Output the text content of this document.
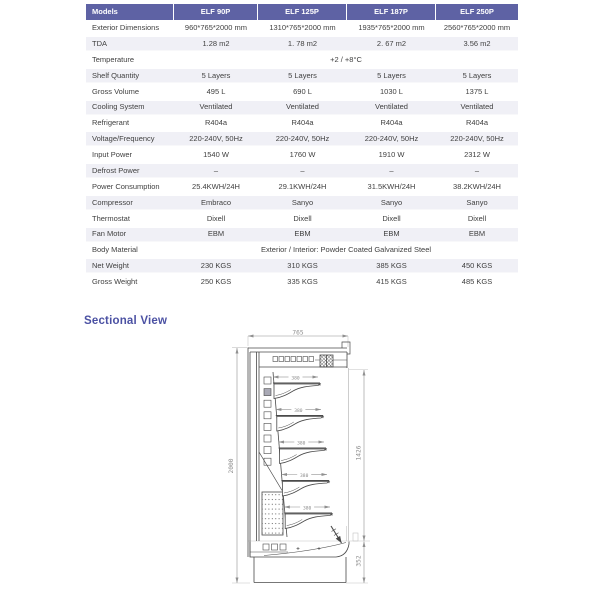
Models	ELF 90P	ELF 125P	ELF 187P	ELF 250P
Exterior Dimensions	960*765*2000 mm	1310*765*2000 mm	1935*765*2000 mm	2560*765*2000 mm
TDA	1.28 m2	1. 78 m2	2. 67 m2	3.56 m2
Temperature	+2 / +8°C
Shelf Quantity	5 Layers	5 Layers	5 Layers	5 Layers
Gross Volume	495 L	690 L	1030 L	1375 L
Cooling System	Ventilated	Ventilated	Ventilated	Ventilated
Refrigerant	R404a	R404a	R404a	R404a
Voltage/Frequency	220-240V, 50Hz	220-240V, 50Hz	220-240V, 50Hz	220-240V, 50Hz
Input Power	1540 W	1760 W	1910 W	2312 W
Defrost Power	–	–	–	–
Power Consumption	25.4KWH/24H	29.1KWH/24H	31.5KWH/24H	38.2KWH/24H
Compressor	Embraco	Sanyo	Sanyo	Sanyo
Thermostat	Dixell	Dixell	Dixell	Dixell
Fan Motor	EBM	EBM	EBM	EBM
Body Material	Exterior / Interior: Powder Coated Galvanized Steel
Net Weight	230 KGS	310 KGS	385 KGS	450 KGS
Gross Weight	250 KGS	335 KGS	415 KGS	485 KGS
Sectional View
765
2000
1426
352
380
380
380
380
380
